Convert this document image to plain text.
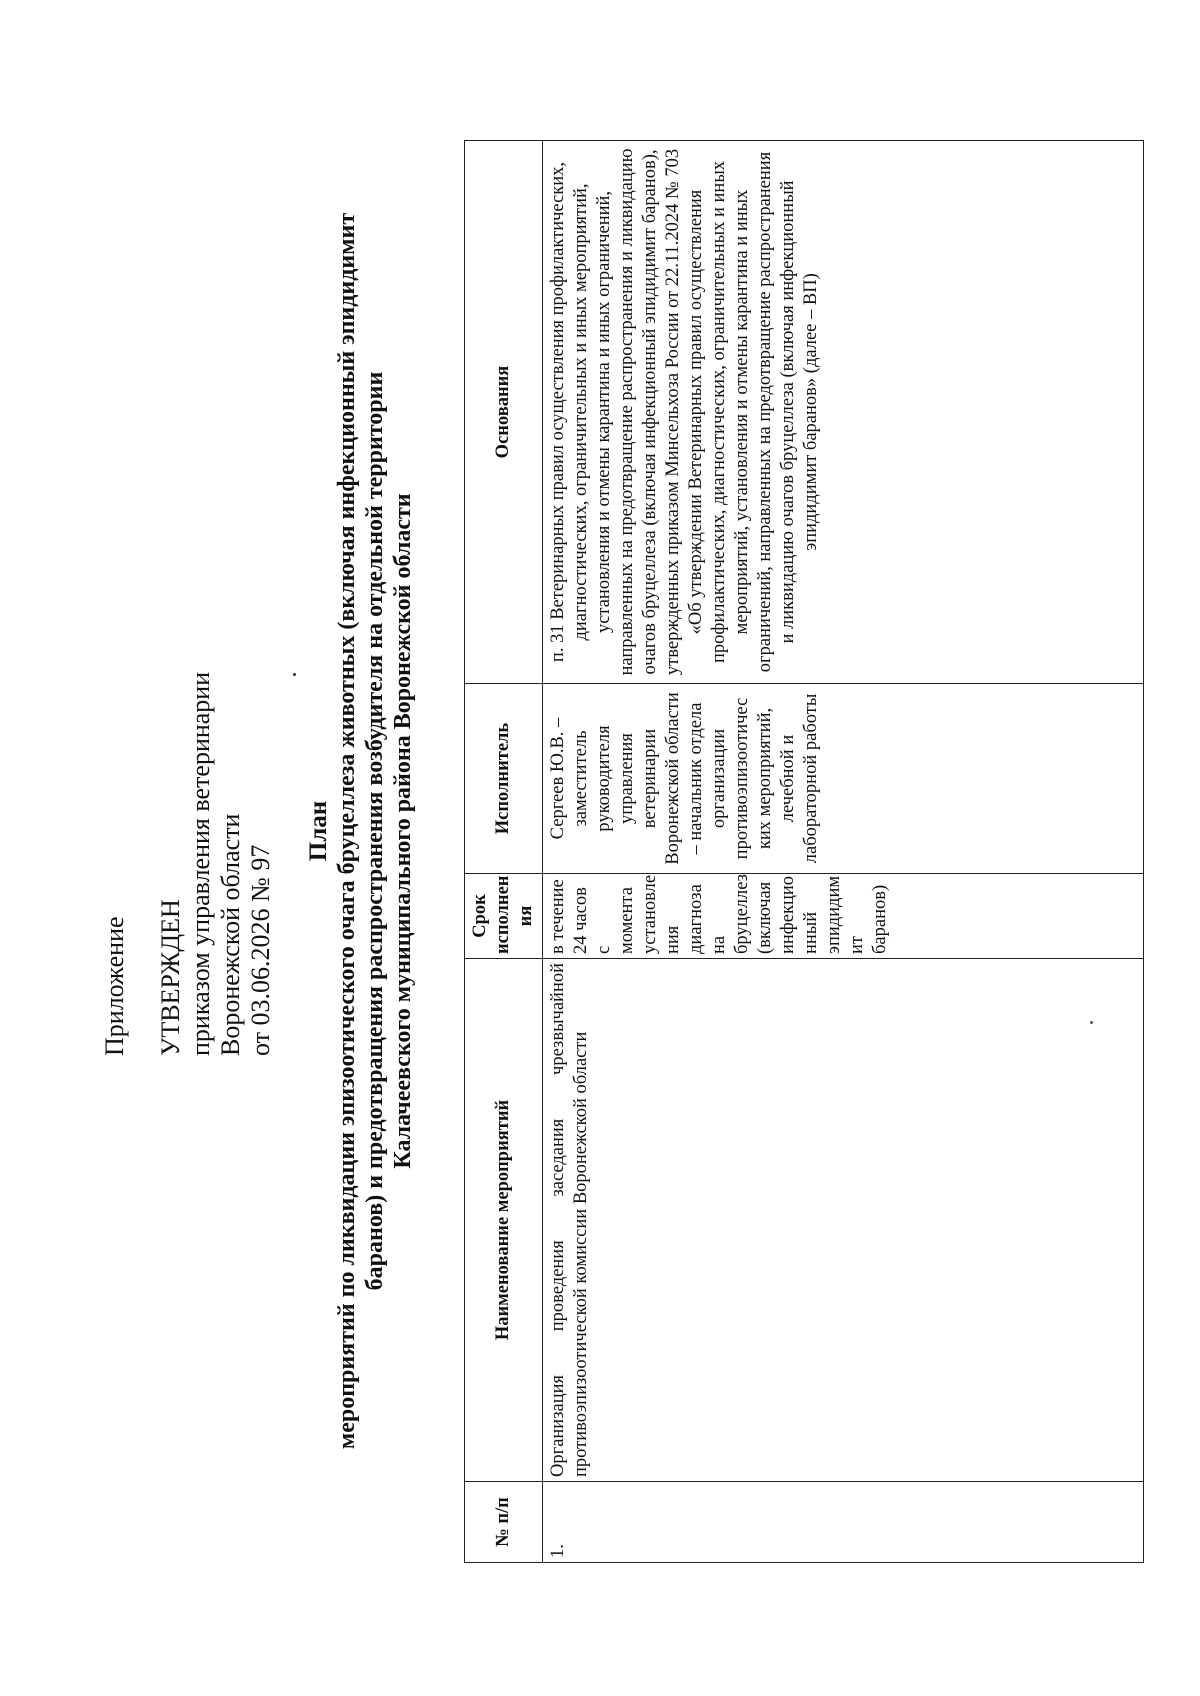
Приложение УТВЕРЖДЕН приказом управления ветеринарии Воронежской области от 03.06.2026 № 97
План мероприятий по ликвидации эпизоотического очага бруцеллеза животных (включая инфекционный эпидидимит баранов) и предотвращения распространения возбудителя на отдельной территории Калачеевского муниципального района Воронежской области
№ п/п	Наименование мероприятий	Срок исполнен ия	Исполнитель	Основания
1.	Организация проведения заседания чрезвычайной противоэпизоотической комиссии Воронежской области	в течение 24 часов с момента установле ния диагноза на бруцеллез (включая инфекцио нный эпидидим ит баранов)	Сергеев Ю.В. – заместитель руководителя управления ветеринарии Воронежской области – начальник отдела организации противоэпизоотичес ких мероприятий, лечебной и лабораторной работы	п. 31 Ветеринарных правил осуществления профилактических, диагностических, ограничительных и иных мероприятий, установления и отмены карантина и иных ограничений, направленных на предотвращение распространения и ликвидацию очагов бруцеллеза (включая инфекционный эпидидимит баранов), утвержденных приказом Минсельхоза России от 22.11.2024 № 703 «Об утверждении Ветеринарных правил осуществления профилактических, диагностических, ограничительных и иных мероприятий, установления и отмены карантина и иных ограничений, направленных на предотвращение распространения и ликвидацию очагов бруцеллеза (включая инфекционный эпидидимит баранов» (далее – ВП)
